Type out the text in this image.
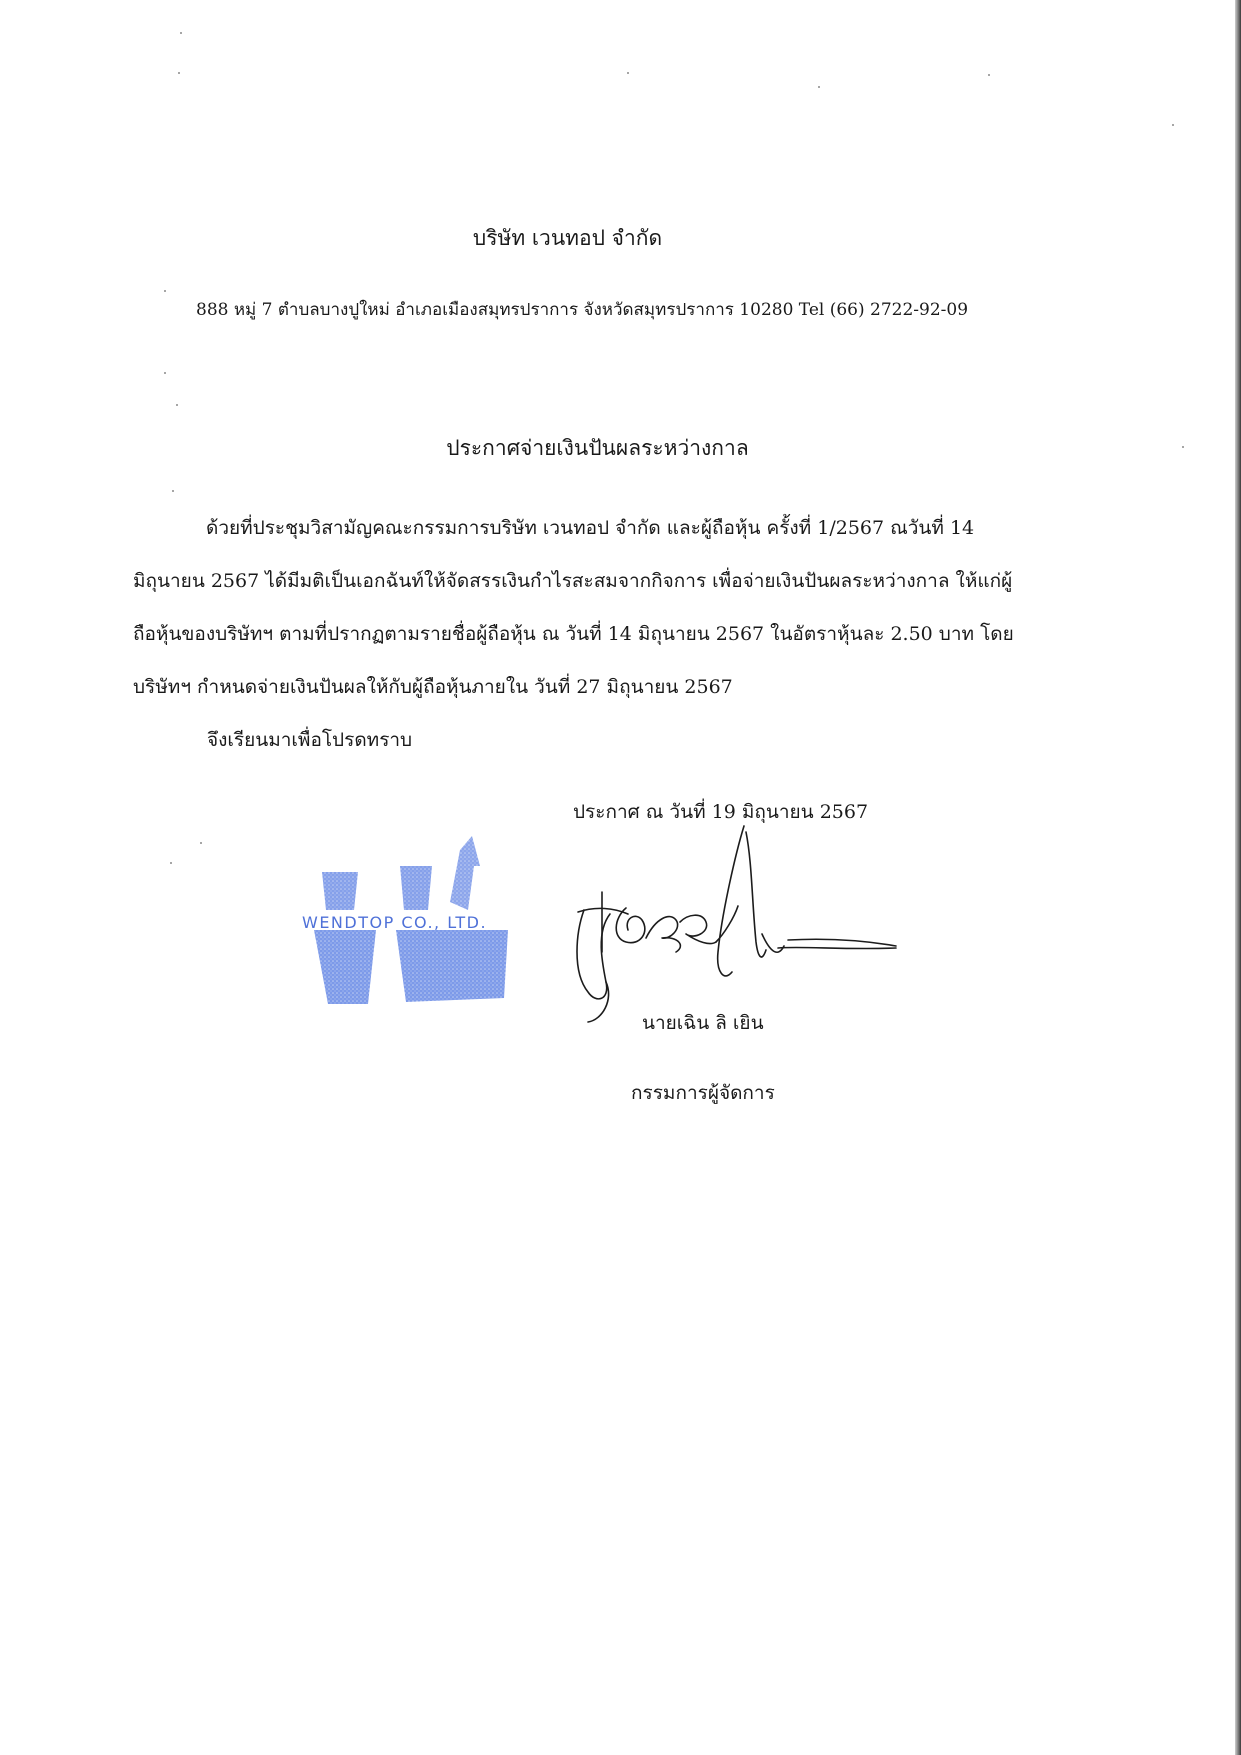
บริษัท เวนทอป จำกัด
888 หมู่ 7 ตำบลบางปูใหม่ อำเภอเมืองสมุทรปราการ จังหวัดสมุทรปราการ 10280 Tel (66) 2722-92-09
ประกาศจ่ายเงินปันผลระหว่างกาล
ด้วยที่ประชุมวิสามัญคณะกรรมการบริษัท เวนทอป จำกัด และผู้ถือหุ้น ครั้งที่ 1/2567 ณวันที่ 14
มิถุนายน 2567 ได้มีมติเป็นเอกฉันท์ให้จัดสรรเงินกำไรสะสมจากกิจการ เพื่อจ่ายเงินปันผลระหว่างกาล ให้แก่ผู้
ถือหุ้นของบริษัทฯ ตามที่ปรากฏตามรายชื่อผู้ถือหุ้น ณ วันที่ 14 มิถุนายน 2567 ในอัตราหุ้นละ 2.50 บาท โดย
บริษัทฯ กำหนดจ่ายเงินปันผลให้กับผู้ถือหุ้นภายใน วันที่ 27 มิถุนายน 2567
จึงเรียนมาเพื่อโปรดทราบ
ประกาศ ณ วันที่ 19 มิถุนายน 2567
WENDTOP CO., LTD.
นายเฉิน ลิ เยิน
กรรมการผู้จัดการ
